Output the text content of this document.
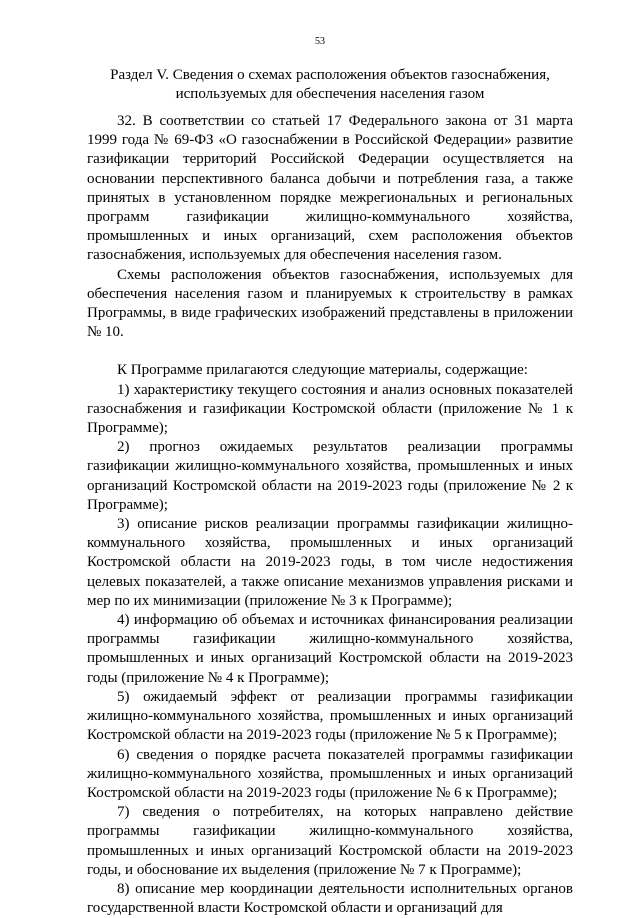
53
Раздел V. Сведения о схемах расположения объектов газоснабжения,
используемых для обеспечения населения газом

32. В соответствии со статьей 17 Федерального закона от 31 марта 1999 года № 69-ФЗ «О газоснабжении в Российской Федерации» развитие газификации территорий Российской Федерации осуществляется на основании перспективного баланса добычи и потребления газа, а также принятых в установленном порядке межрегиональных и региональных программ газификации жилищно-коммунального хозяйства, промышленных и иных организаций, схем расположения объектов газоснабжения, используемых для обеспечения населения газом.

Схемы расположения объектов газоснабжения, используемых для обеспечения населения газом и планируемых к строительству в рамках Программы, в виде графических изображений представлены в приложении № 10.

К Программе прилагаются следующие материалы, содержащие:

1) характеристику текущего состояния и анализ основных показателей газоснабжения и газификации Костромской области (приложение № 1 к Программе);

2) прогноз ожидаемых результатов реализации программы газификации жилищно-коммунального хозяйства, промышленных и иных организаций Костромской области на 2019-2023 годы (приложение № 2 к Программе);

3) описание рисков реализации программы газификации жилищно-коммунального хозяйства, промышленных и иных организаций Костромской области на 2019-2023 годы, в том числе недостижения целевых показателей, а также описание механизмов управления рисками и мер по их минимизации (приложение № 3 к Программе);

4) информацию об объемах и источниках финансирования реализации программы газификации жилищно-коммунального хозяйства, промышленных и иных организаций Костромской области на 2019-2023 годы (приложение № 4 к Программе);

5) ожидаемый эффект от реализации программы газификации жилищно-коммунального хозяйства, промышленных и иных организаций Костромской области на 2019-2023 годы (приложение № 5 к Программе);

6) сведения о порядке расчета показателей программы газификации жилищно-коммунального хозяйства, промышленных и иных организаций Костромской области на 2019-2023 годы (приложение № 6 к Программе);

7) сведения о потребителях, на которых направлено действие программы газификации жилищно-коммунального хозяйства, промышленных и иных организаций Костромской области на 2019-2023 годы, и обоснование их выделения (приложение № 7 к Программе);

8) описание мер координации деятельности исполнительных органов государственной власти Костромской области и организаций для
